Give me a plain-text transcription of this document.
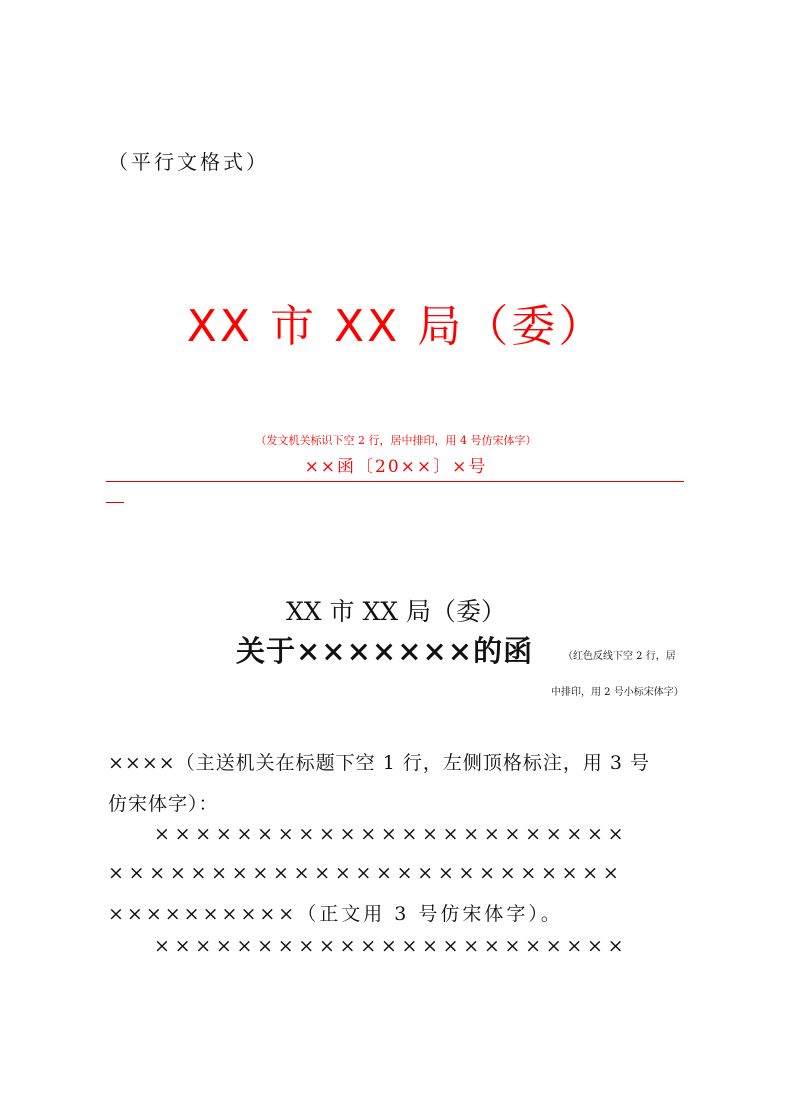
（平行文格式）
XX 市 XX 局（委）
（发文机关标识下空 2 行，居中排印，用 4 号仿宋体字）
××函〔20××〕×号
XX 市 XX 局（委）
关于×××××××的函	（红色反线下空 2 行，居
中排印，用 2 号小标宋体字）
××××（主送机关在标题下空 1 行，左侧顶格标注，用 3 号
仿宋体字）：
×××××××××××××××××××××××
×××××××××××××××××××××××××
××××××××××（正文用 3 号仿宋体字）。
×××××××××××××××××××××××
